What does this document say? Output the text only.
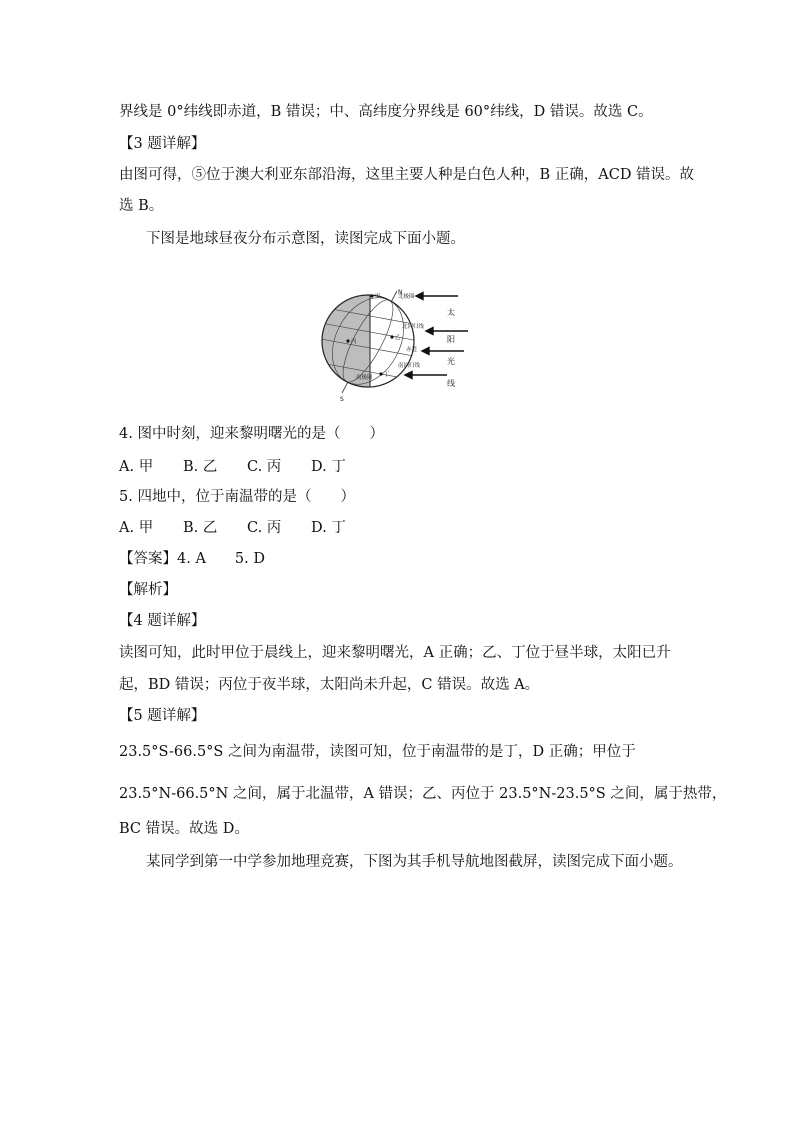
界线是 0°纬线即赤道，B 错误；中、高纬度分界线是 60°纬线，D 错误。故选 C。
【3 题详解】
由图可得，⑤位于澳大利亚东部沿海，这里主要人种是白色人种，B 正确，ACD 错误。故
选 B。
下图是地球昼夜分布示意图，读图完成下面小题。
北极圈
北回归线
赤道
南回归线
南极圈
甲
乙
丙
丁
N
S
太
阳
光
线
4. 图中时刻，迎来黎明曙光的是（　　）
A. 甲 B. 乙 C. 丙 D. 丁
5. 四地中，位于南温带的是（　　）
A. 甲 B. 乙 C. 丙 D. 丁
【答案】4. A　　5. D
【解析】
【4 题详解】
读图可知，此时甲位于晨线上，迎来黎明曙光，A 正确；乙、丁位于昼半球，太阳已升
起，BD 错误；丙位于夜半球，太阳尚未升起，C 错误。故选 A。
【5 题详解】
23.5°S-66.5°S 之间为南温带，读图可知，位于南温带的是丁，D 正确；甲位于
23.5°N-66.5°N 之间，属于北温带，A 错误；乙、丙位于 23.5°N-23.5°S 之间，属于热带，
BC 错误。故选 D。
某同学到第一中学参加地理竞赛，下图为其手机导航地图截屏，读图完成下面小题。
